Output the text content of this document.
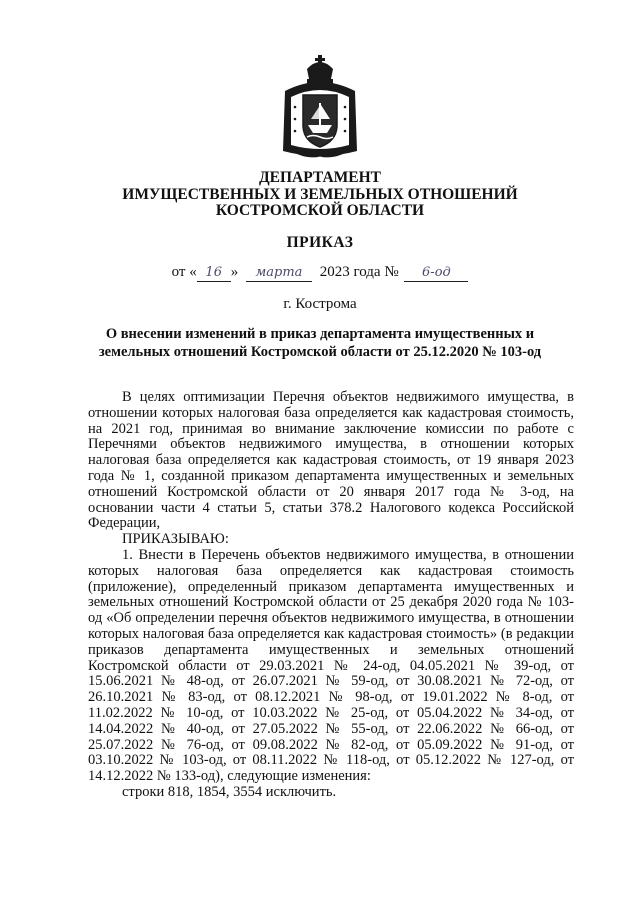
ДЕПАРТАМЕНТ
ИМУЩЕСТВЕННЫХ И ЗЕМЕЛЬНЫХ ОТНОШЕНИЙ
КОСТРОМСКОЙ ОБЛАСТИ
ПРИКАЗ
от « 16 » марта 2023 года № 6-од
г. Кострома
О внесении изменений в приказ департамента имущественных и земельных отношений Костромской области от 25.12.2020 № 103-од

В целях оптимизации Перечня объектов недвижимого имущества, в отношении которых налоговая база определяется как кадастровая стоимость, на 2021 год, принимая во внимание заключение комиссии по работе с Перечнями объектов недвижимого имущества, в отношении которых налоговая база определяется как кадастровая стоимость, от 19 января 2023 года № 1, созданной приказом департамента имущественных и земельных отношений Костромской области от 20 января 2017 года № 3-од, на основании части 4 статьи 5, статьи 378.2 Налогового кодекса Российской Федерации,

ПРИКАЗЫВАЮ:

1. Внести в Перечень объектов недвижимого имущества, в отношении которых налоговая база определяется как кадастровая стоимость (приложение), определенный приказом департамента имущественных и земельных отношений Костромской области от 25 декабря 2020 года № 103-од «Об определении перечня объектов недвижимого имущества, в отношении которых налоговая база определяется как кадастровая стоимость» (в редакции приказов департамента имущественных и земельных отношений Костромской области от 29.03.2021 № 24-од, 04.05.2021 № 39-од, от 15.06.2021 № 48-од, от 26.07.2021 № 59-од, от 30.08.2021 № 72-од, от 26.10.2021 № 83-од, от 08.12.2021 № 98-од, от 19.01.2022 № 8-од, от 11.02.2022 № 10-од, от 10.03.2022 № 25-од, от 05.04.2022 № 34-од, от 14.04.2022 № 40-од, от 27.05.2022 № 55-од, от 22.06.2022 № 66-од, от 25.07.2022 № 76-од, от 09.08.2022 № 82-од, от 05.09.2022 № 91-од, от 03.10.2022 № 103-од, от 08.11.2022 № 118-од, от 05.12.2022 № 127-од, от 14.12.2022 № 133-од), следующие изменения:

строки 818, 1854, 3554 исключить.
